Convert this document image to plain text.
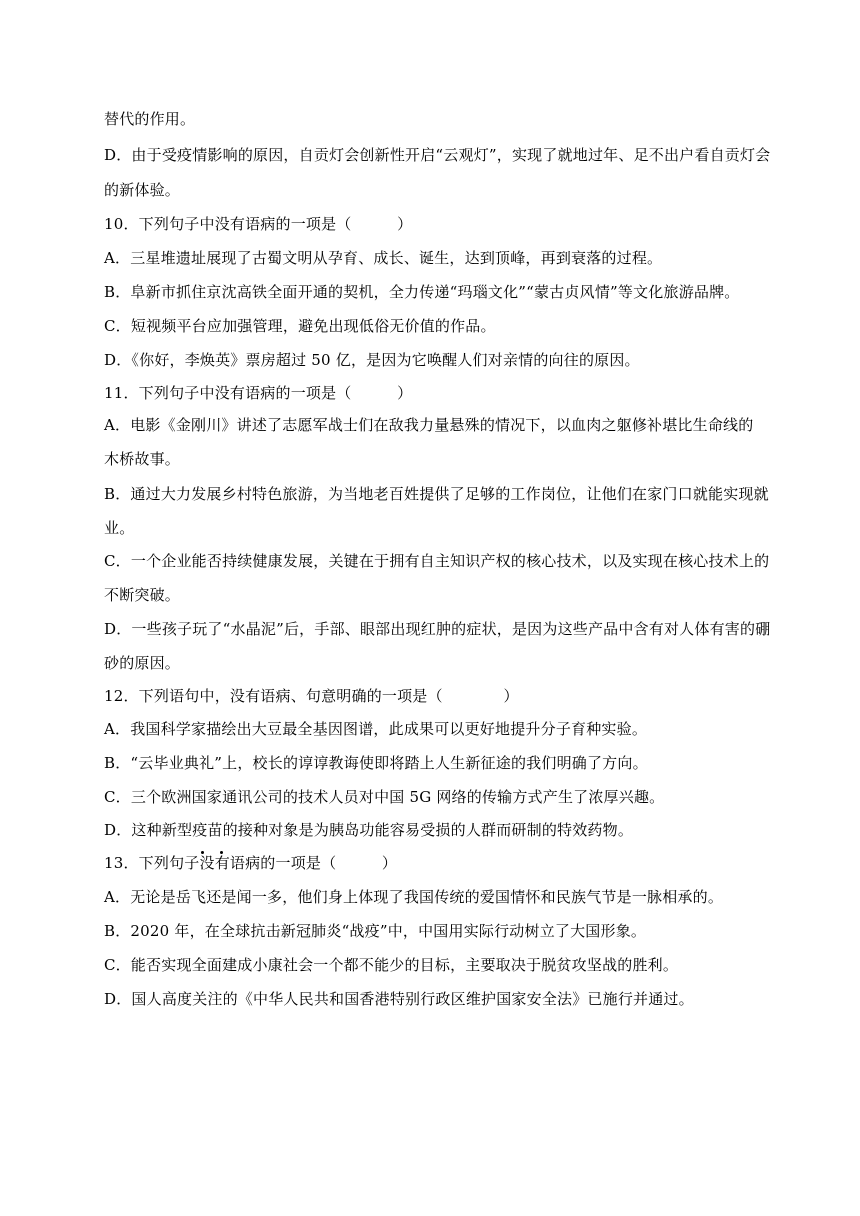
替代的作用。
D．由于受疫情影响的原因，自贡灯会创新性开启“云观灯”，实现了就地过年、足不出户看自贡灯会
的新体验。
10．下列句子中没有语病的一项是（　　　）
A．三星堆遗址展现了古蜀文明从孕育、成长、诞生，达到顶峰，再到衰落的过程。
B．阜新市抓住京沈高铁全面开通的契机，全力传递“玛瑙文化”“蒙古贞风情”等文化旅游品牌。
C．短视频平台应加强管理，避免出现低俗无价值的作品。
D．《你好，李焕英》票房超过 50 亿，是因为它唤醒人们对亲情的向往的原因。
11．下列句子中没有语病的一项是（　　　）
A．电影《金刚川》讲述了志愿军战士们在敌我力量悬殊的情况下，以血肉之躯修补堪比生命线的
木桥故事。
B．通过大力发展乡村特色旅游，为当地老百姓提供了足够的工作岗位，让他们在家门口就能实现就
业。
C．一个企业能否持续健康发展，关键在于拥有自主知识产权的核心技术，以及实现在核心技术上的
不断突破。
D．一些孩子玩了“水晶泥”后，手部、眼部出现红肿的症状，是因为这些产品中含有对人体有害的硼
砂的原因。
12．下列语句中，没有语病、句意明确的一项是（　　　　）
A．我国科学家描绘出大豆最全基因图谱，此成果可以更好地提升分子育种实验。
B．“云毕业典礼”上，校长的谆谆教诲使即将踏上人生新征途的我们明确了方向。
C．三个欧洲国家通讯公司的技术人员对中国 5G 网络的传输方式产生了浓厚兴趣。
D．这种新型疫苗的接种对象是为胰岛功能容易受损的人群而研制的特效药物。
13．下列句子没有语病的一项是（　　　）
A．无论是岳飞还是闻一多，他们身上体现了我国传统的爱国情怀和民族气节是一脉相承的。
B．2020 年，在全球抗击新冠肺炎“战疫”中，中国用实际行动树立了大国形象。
C．能否实现全面建成小康社会一个都不能少的目标，主要取决于脱贫攻坚战的胜利。
D．国人高度关注的《中华人民共和国香港特别行政区维护国家安全法》已施行并通过。
